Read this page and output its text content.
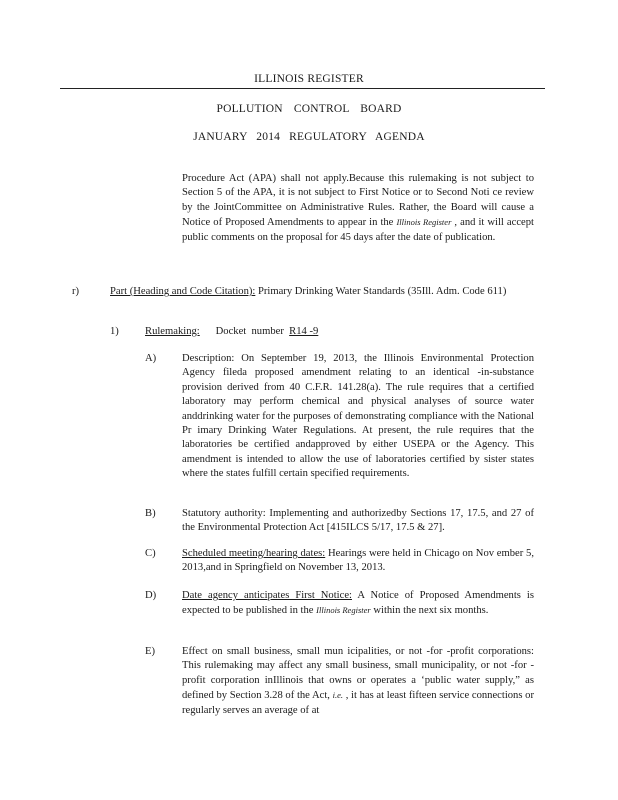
ILLINOIS REGISTER
POLLUTION CONTROL BOARD
JANUARY 2014 REGULATORY AGENDA
Procedure Act (APA) shall not apply.Because this rulemaking is not subject to Section 5 of the APA, it is not subject to First Notice or to Second Noti ce review by the JointCommittee on Administrative Rules. Rather, the Board will cause a Notice of Proposed Amendments to appear in the Illinois Register , and it will accept public comments on the proposal for 45 days after the date of publication.
r)	Part (Heading and Code Citation): Primary Drinking Water Standards (35Ill. Adm. Code 611)
1) Rulemaking:      Docket  number  R14 -9
A) Description: On September 19, 2013, the Illinois Environmental Protection Agency fileda proposed amendment relating to an identical -in-substance provision derived from 40 C.F.R. 141.28(a). The rule requires that a certified laboratory may perform chemical and physical analyses of source water anddrinking water for the purposes of demonstrating compliance with the National Pr imary Drinking Water Regulations. At present, the rule requires that the laboratories be certified andapproved by either USEPA or the Agency. This amendment is intended to allow the use of laboratories certified by sister states where the states fulfill certain specified requirements.
B) Statutory authority: Implementing and authorizedby Sections 17, 17.5, and 27 of the Environmental Protection Act [415ILCS 5/17, 17.5 & 27].
C) Scheduled meeting/hearing dates: Hearings were held in Chicago on Nov ember 5, 2013,and in Springfield on November 13, 2013.
D) Date agency anticipates First Notice: A Notice of Proposed Amendments is expected to be published in the Illinois Register within the next six months.
E)	Effect on small business, small mun icipalities, or not -for -profit corporations: This rulemaking may affect any small business, small municipality, or not -for -profit corporation inIllinois that owns or operates a ‘public water supply,” as defined by Section 3.28 of the Act, i.e. , it has at least fifteen service connections or regularly serves an average of at
